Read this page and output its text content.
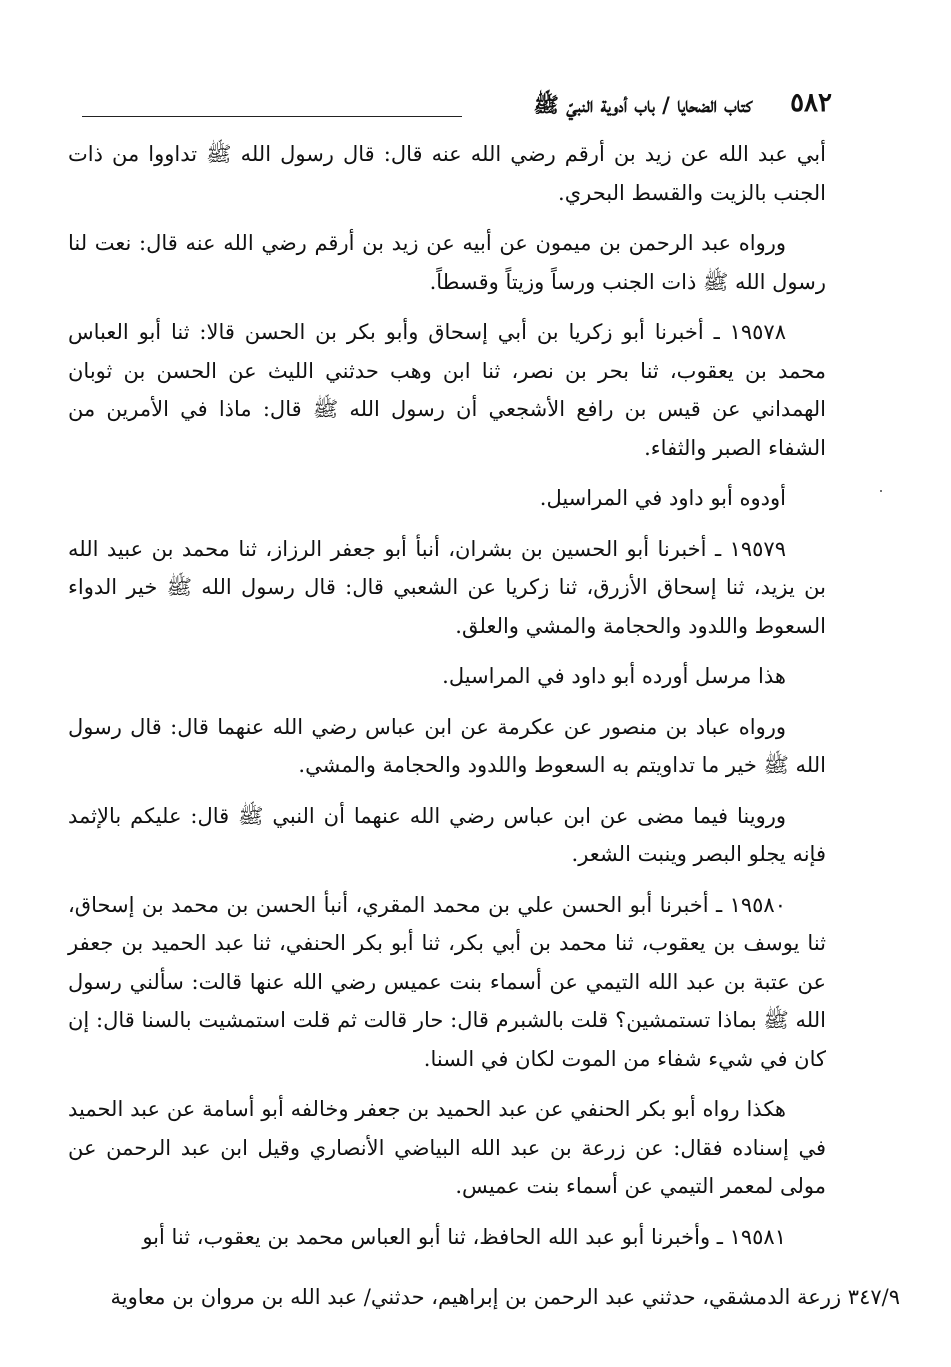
٥٨٢
كتاب الضحايا / باب أدوية النبيّ ﷺ

أبي عبد الله عن زيد بن أرقم رضي الله عنه قال: قال رسول الله ﷺ تداووا من ذات الجنب بالزيت والقسط البحري.

ورواه عبد الرحمن بن ميمون عن أبيه عن زيد بن أرقم رضي الله عنه قال: نعت لنا رسول الله ﷺ ذات الجنب ورساً وزيتاً وقسطاً.

١٩٥٧٨ ـ أخبرنا أبو زكريا بن أبي إسحاق وأبو بكر بن الحسن قالا: ثنا أبو العباس محمد بن يعقوب، ثنا بحر بن نصر، ثنا ابن وهب حدثني الليث عن الحسن بن ثوبان الهمداني عن قيس بن رافع الأشجعي أن رسول الله ﷺ قال: ماذا في الأمرين من الشفاء الصبر والثفاء.

أودوه أبو داود في المراسيل.

١٩٥٧٩ ـ أخبرنا أبو الحسين بن بشران، أنبأ أبو جعفر الرزاز، ثنا محمد بن عبيد الله بن يزيد، ثنا إسحاق الأزرق، ثنا زكريا عن الشعبي قال: قال رسول الله ﷺ خير الدواء السعوط واللدود والحجامة والمشي والعلق.

هذا مرسل أورده أبو داود في المراسيل.

ورواه عباد بن منصور عن عكرمة عن ابن عباس رضي الله عنهما قال: قال رسول الله ﷺ خير ما تداويتم به السعوط واللدود والحجامة والمشي.

وروينا فيما مضى عن ابن عباس رضي الله عنهما أن النبي ﷺ قال: عليكم بالإثمد فإنه يجلو البصر وينبت الشعر.

١٩٥٨٠ ـ أخبرنا أبو الحسن علي بن محمد المقري، أنبأ الحسن بن محمد بن إسحاق، ثنا يوسف بن يعقوب، ثنا محمد بن أبي بكر، ثنا أبو بكر الحنفي، ثنا عبد الحميد بن جعفر عن عتبة بن عبد الله التيمي عن أسماء بنت عميس رضي الله عنها قالت: سألني رسول الله ﷺ بماذا تستمشين؟ قلت بالشبرم قال: حار قالت ثم قلت استمشيت بالسنا قال: إن كان في شيء شفاء من الموت لكان في السنا.

هكذا رواه أبو بكر الحنفي عن عبد الحميد بن جعفر وخالفه أبو أسامة عن عبد الحميد في إسناده فقال: عن زرعة بن عبد الله البياضي الأنصاري وقيل ابن عبد الرحمن عن مولى لمعمر التيمي عن أسماء بنت عميس.

١٩٥٨١ ـ وأخبرنا أبو عبد الله الحافظ، ثنا أبو العباس محمد بن يعقوب، ثنا أبو

٣٤٧/٩ زرعة الدمشقي، حدثني عبد الرحمن بن إبراهيم، حدثني/ عبد الله بن مروان بن معاوية
